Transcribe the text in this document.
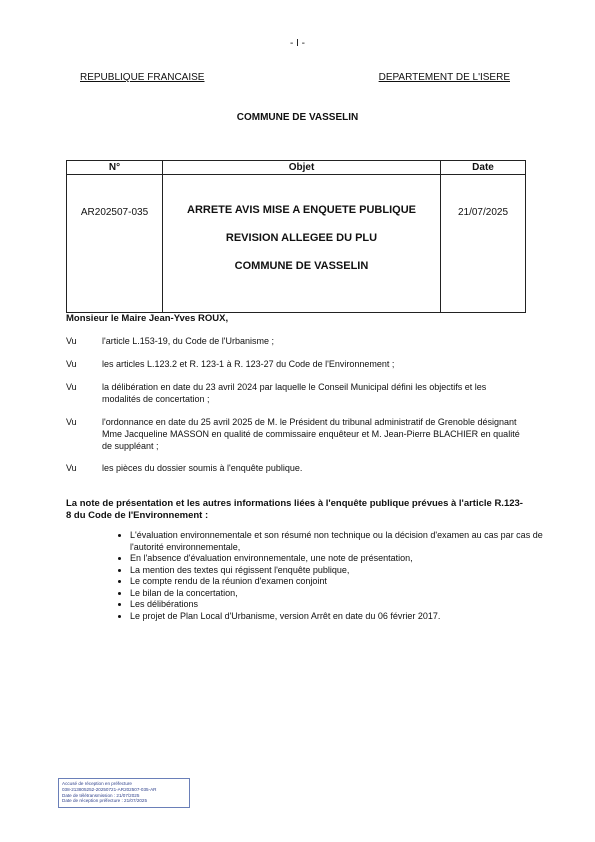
- I -
REPUBLIQUE FRANCAISE	DEPARTEMENT DE L'ISERE
COMMUNE DE VASSELIN
N°	Objet	Date
AR202507-035	ARRETE AVIS MISE A ENQUETE PUBLIQUE
REVISION ALLEGEE DU PLU
COMMUNE DE VASSELIN	21/07/2025
Monsieur le Maire Jean-Yves ROUX,
Vu	l'article L.153-19, du Code de l'Urbanisme ;
Vu	les articles L.123.2 et R. 123-1 à R. 123-27 du Code de l'Environnement ;
Vu	la délibération en date du 23 avril 2024 par laquelle le Conseil Municipal défini les objectifs et les modalités de concertation ;
Vu	l'ordonnance en date du 25 avril 2025 de M. le Président du tribunal administratif de Grenoble désignant Mme Jacqueline MASSON en qualité de commissaire enquêteur et M. Jean-Pierre BLACHIER en qualité de suppléant ;
Vu	les pièces du dossier soumis à l'enquête publique.
La note de présentation et les autres informations liées à l'enquête publique prévues à l'article R.123-8 du Code de l'Environnement :
• L'évaluation environnementale et son résumé non technique ou la décision d'examen au cas par cas de l'autorité environnementale,
• En l'absence d'évaluation environnementale, une note de présentation,
• La mention des textes qui régissent l'enquête publique,
• Le compte rendu de la réunion d'examen conjoint
• Le bilan de la concertation,
• Les délibérations
• Le projet de Plan Local d'Urbanisme, version Arrêt en date du 06 février 2017.
Accusé de réception en préfecture
038-213805252-20250721-AR202507-035-AR
Date de télétransmission : 21/07/2025
Date de réception préfecture : 21/07/2025
